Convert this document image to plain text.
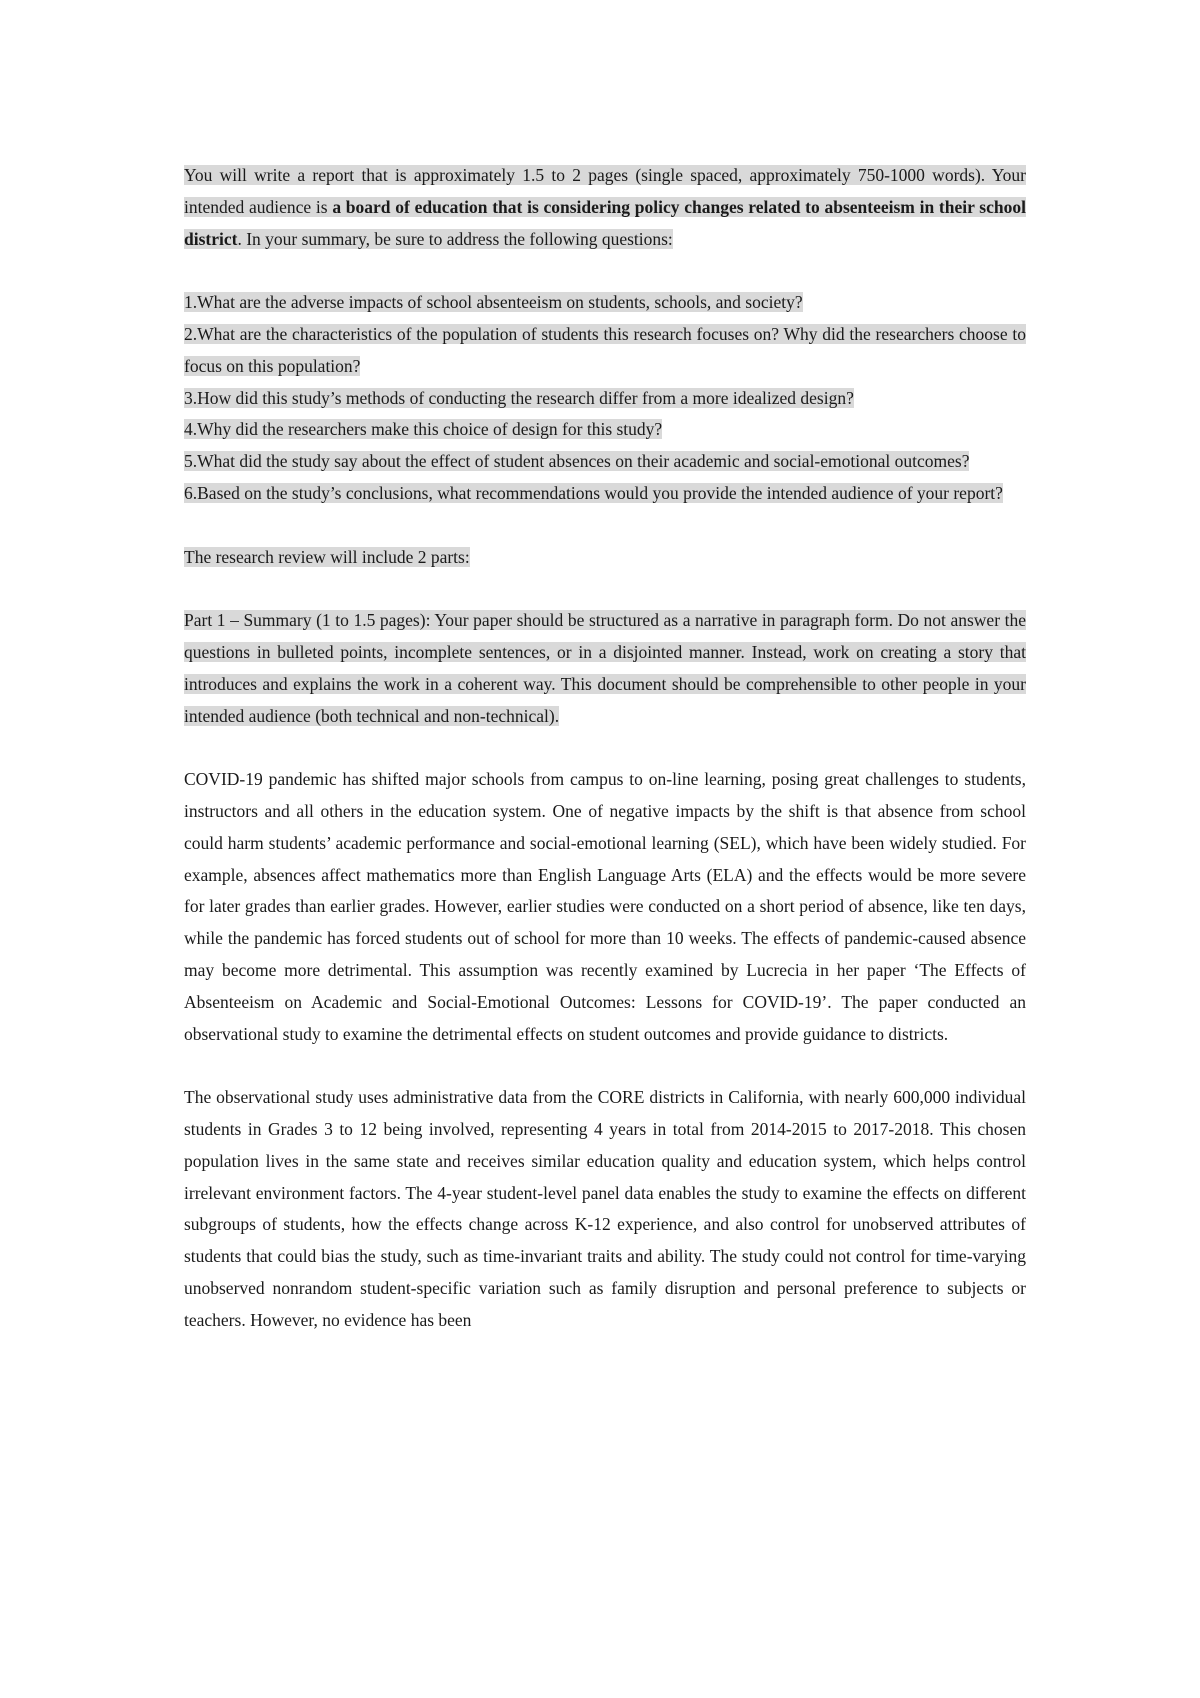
You will write a report that is approximately 1.5 to 2 pages (single spaced, approximately 750-1000 words). Your intended audience is a board of education that is considering policy changes related to absenteeism in their school district. In your summary, be sure to address the following questions:

1.What are the adverse impacts of school absenteeism on students, schools, and society?

2.What are the characteristics of the population of students this research focuses on? Why did the researchers choose to focus on this population?

3.How did this study’s methods of conducting the research differ from a more idealized design?

4.Why did the researchers make this choice of design for this study?

5.What did the study say about the effect of student absences on their academic and social-emotional outcomes?

6.Based on the study’s conclusions, what recommendations would you provide the intended audience of your report?

The research review will include 2 parts:

Part 1 – Summary (1 to 1.5 pages): Your paper should be structured as a narrative in paragraph form. Do not answer the questions in bulleted points, incomplete sentences, or in a disjointed manner. Instead, work on creating a story that introduces and explains the work in a coherent way. This document should be comprehensible to other people in your intended audience (both technical and non-technical).

COVID-19 pandemic has shifted major schools from campus to on-line learning, posing great challenges to students, instructors and all others in the education system. One of negative impacts by the shift is that absence from school could harm students’ academic performance and social-emotional learning (SEL), which have been widely studied. For example, absences affect mathematics more than English Language Arts (ELA) and the effects would be more severe for later grades than earlier grades. However, earlier studies were conducted on a short period of absence, like ten days, while the pandemic has forced students out of school for more than 10 weeks. The effects of pandemic-caused absence may become more detrimental. This assumption was recently examined by Lucrecia in her paper ‘The Effects of Absenteeism on Academic and Social-Emotional Outcomes: Lessons for COVID-19’. The paper conducted an observational study to examine the detrimental effects on student outcomes and provide guidance to districts.

The observational study uses administrative data from the CORE districts in California, with nearly 600,000 individual students in Grades 3 to 12 being involved, representing 4 years in total from 2014-2015 to 2017-2018. This chosen population lives in the same state and receives similar education quality and education system, which helps control irrelevant environment factors. The 4-year student-level panel data enables the study to examine the effects on different subgroups of students, how the effects change across K-12 experience, and also control for unobserved attributes of students that could bias the study, such as time-invariant traits and ability. The study could not control for time-varying unobserved nonrandom student-specific variation such as family disruption and personal preference to subjects or teachers. However, no evidence has been
